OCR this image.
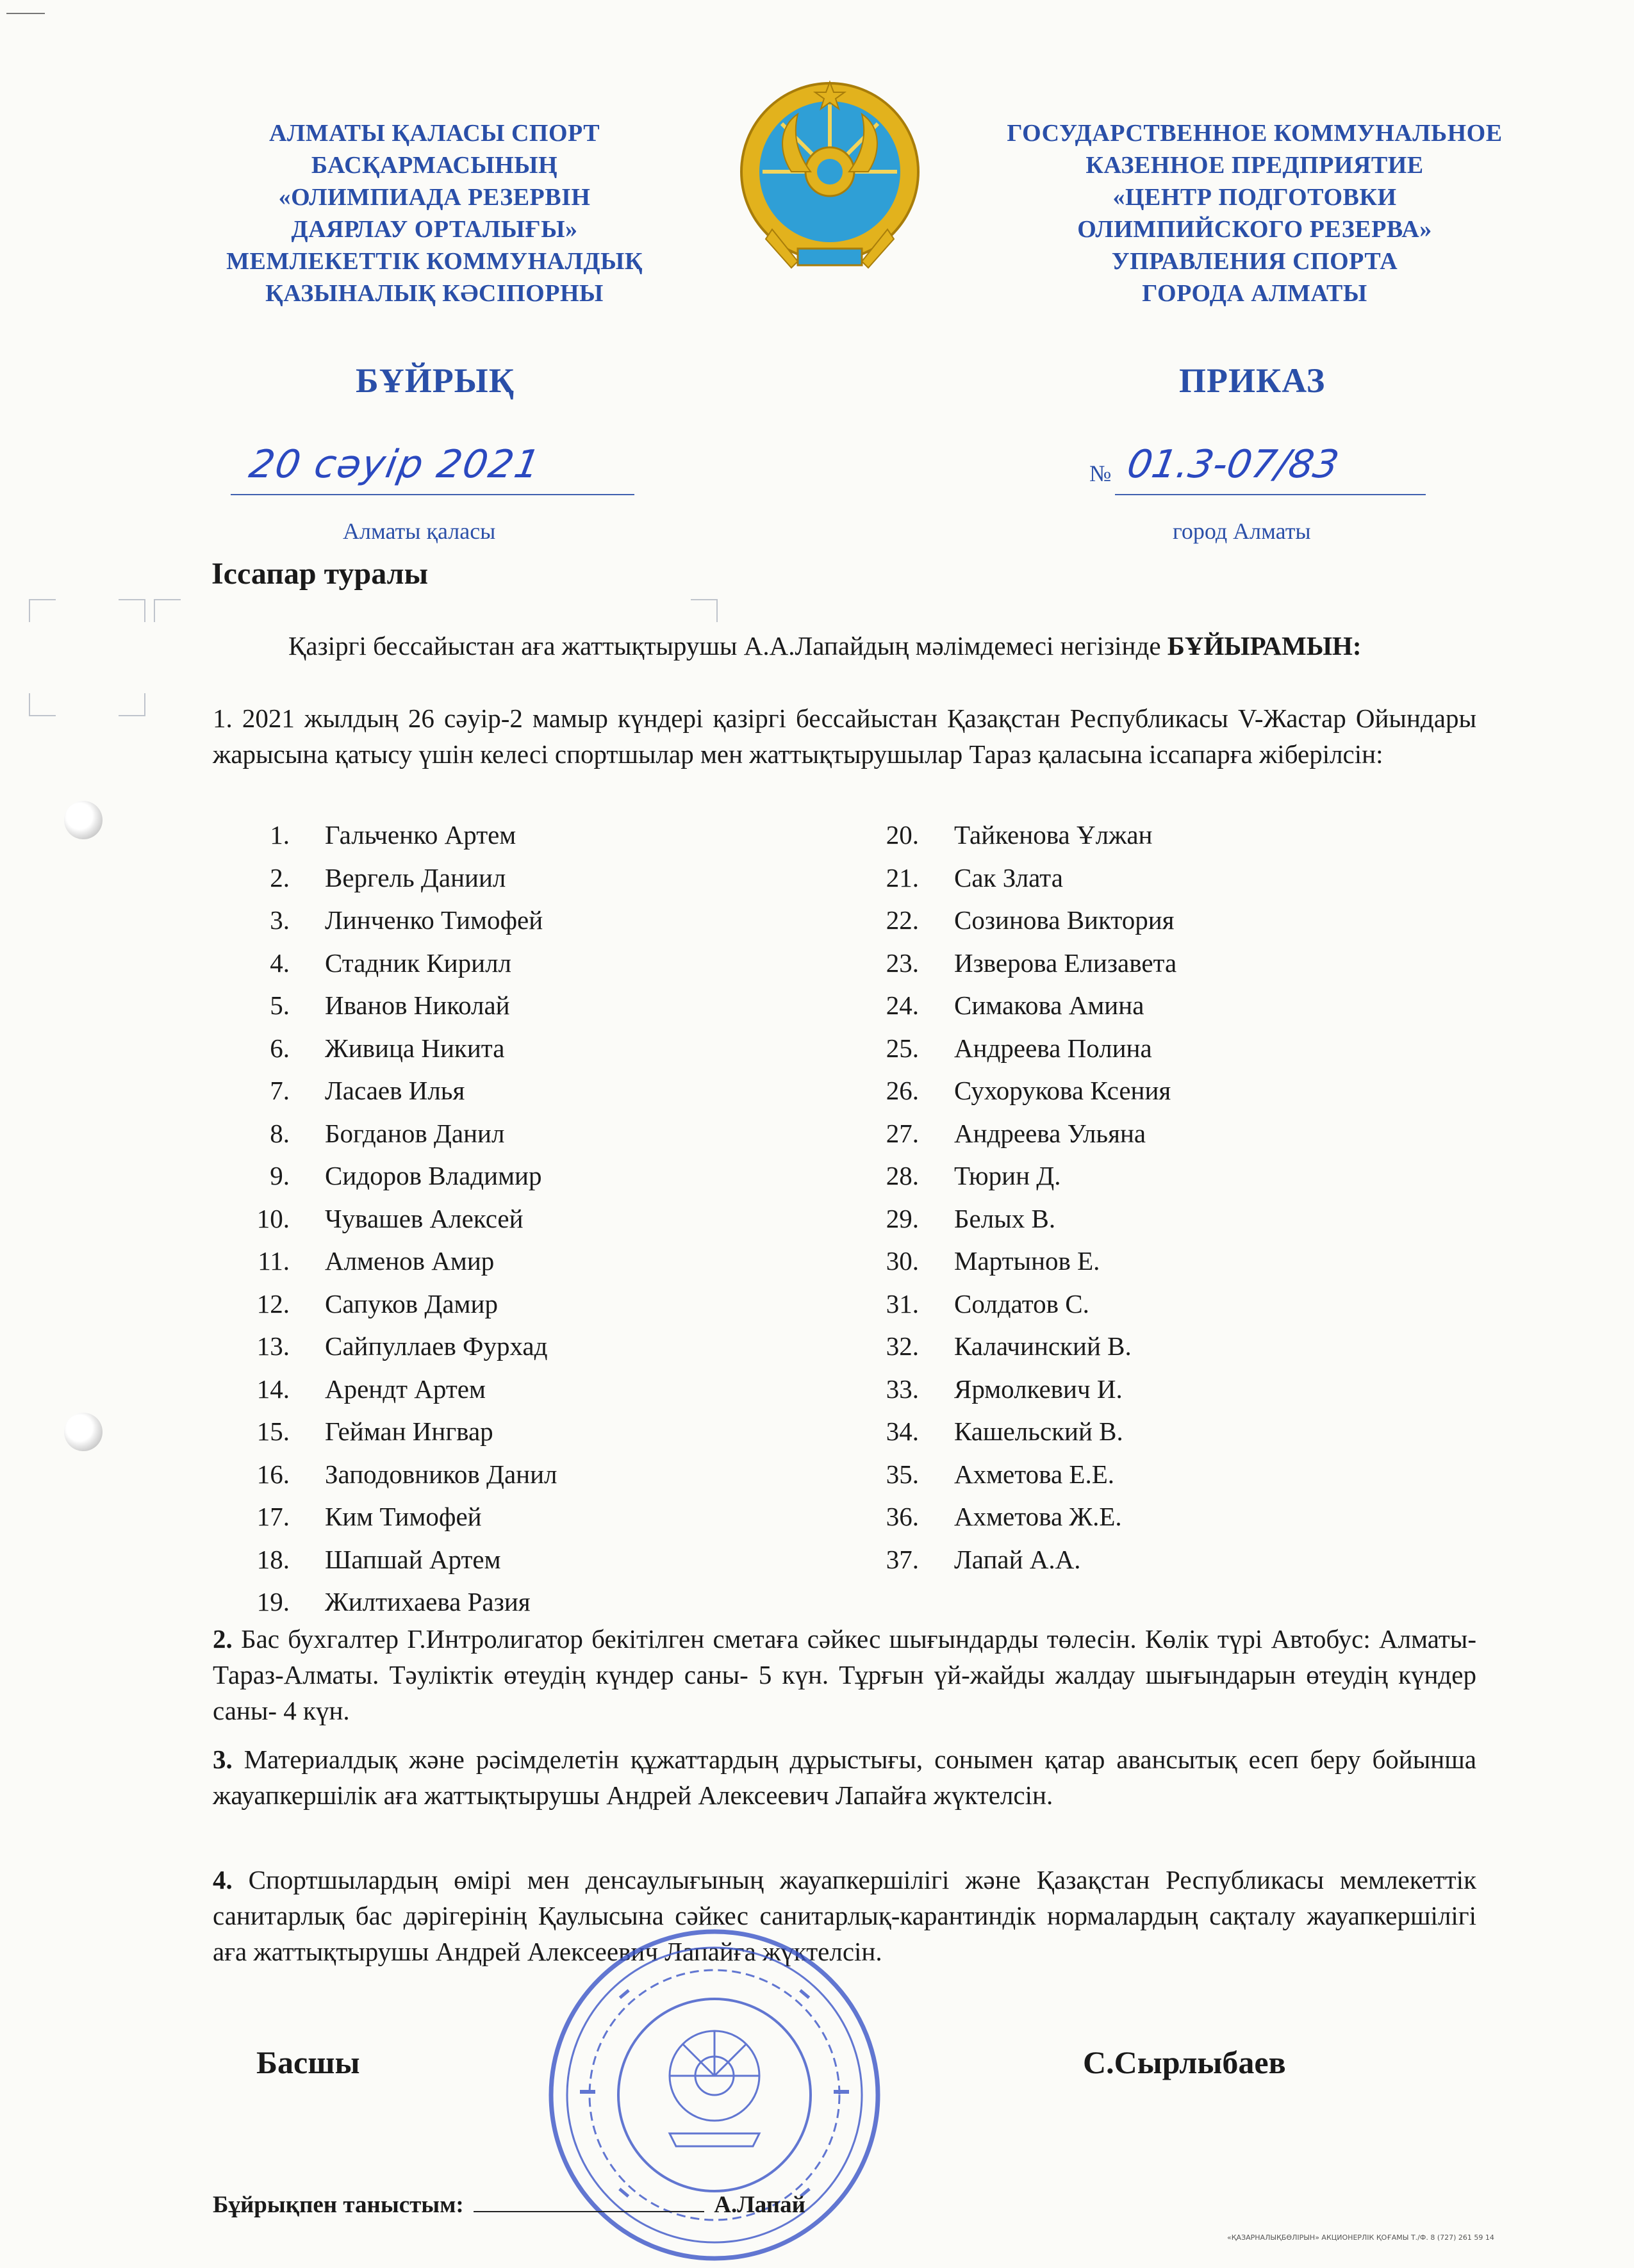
АЛМАТЫ ҚАЛАСЫ СПОРТ
БАСҚАРМАСЫНЫҢ
«ОЛИМПИАДА РЕЗЕРВІН
ДАЯРЛАУ ОРТАЛЫҒЫ»
МЕМЛЕКЕТТІК КОММУНАЛДЫҚ
ҚАЗЫНАЛЫҚ КӘСІПОРНЫ
ГОСУДАРСТВЕННОЕ КОММУНАЛЬНОЕ
КАЗЕННОЕ ПРЕДПРИЯТИЕ
«ЦЕНТР ПОДГОТОВКИ
ОЛИМПИЙСКОГО РЕЗЕРВА»
УПРАВЛЕНИЯ СПОРТА
ГОРОДА АЛМАТЫ
БҰЙРЫҚ	ПРИКАЗ
20 сәуір 2021	№ 01.3-07/83
Алматы қаласы	город Алматы
Іссапар туралы
Қазіргі бессайыстан аға жаттықтырушы А.А.Лапайдың мәлімдемесі негізінде БҰЙЫРАМЫН:
1. 2021 жылдың 26 сәуір-2 мамыр күндері қазіргі бессайыстан Қазақстан Республикасы V-Жастар Ойындары жарысына қатысу үшін келесі спортшылар мен жаттықтырушылар Тараз қаласына іссапарға жіберілсін:
1. Гальченко Артем
2. Вергель Даниил
3. Линченко Тимофей
4. Стадник Кирилл
5. Иванов Николай
6. Живица Никита
7. Ласаев Илья
8. Богданов Данил
9. Сидоров Владимир
10. Чувашев Алексей
11. Алменов Амир
12. Сапуков Дамир
13. Сайпуллаев Фурхад
14. Арендт Артем
15. Гейман Ингвар
16. Заподовников Данил
17. Ким Тимофей
18. Шапшай Артем
19. Жилтихаева Разия
20. Тайкенова Ұлжан
21. Сак Злата
22. Созинова Виктория
23. Изверова Елизавета
24. Симакова Амина
25. Андреева Полина
26. Сухорукова Ксения
27. Андреева Ульяна
28. Тюрин Д.
29. Белых В.
30. Мартынов Е.
31. Солдатов С.
32. Калачинский В.
33. Ярмолкевич И.
34. Кашельский В.
35. Ахметова Е.Е.
36. Ахметова Ж.Е.
37. Лапай А.А.
2. Бас бухгалтер Г.Интролигатор бекітілген сметаға сәйкес шығындарды төлесін. Көлік түрі Автобус: Алматы-Тараз-Алматы. Тәуліктік өтеудің күндер саны- 5 күн. Тұрғын үй-жайды жалдау шығындарын өтеудің күндер саны- 4 күн.
3. Материалдық және рәсімделетін құжаттардың дұрыстығы, сонымен қатар авансытық есеп беру бойынша жауапкершілік аға жаттықтырушы Андрей Алексеевич Лапайға жүктелсін.
4. Спортшылардың өмірі мен денсаулығының жауапкершілігі және Қазақстан Республикасы мемлекеттік санитарлық бас дәрігерінің Қаулысына сәйкес санитарлық-карантиндік нормалардың сақталу жауапкершілігі аға жаттықтырушы Андрей Алексеевич Лапайға жүктелсін.
Басшы	С.Сырлыбаев
Бұйрықпен таныстым:	А.Лапай
«ҚАЗАРНАЛЫҚБӨЛІРЫН» АКЦИОНЕРЛІК ҚОҒАМЫ Т./Ф. 8 (727) 261 59 14
